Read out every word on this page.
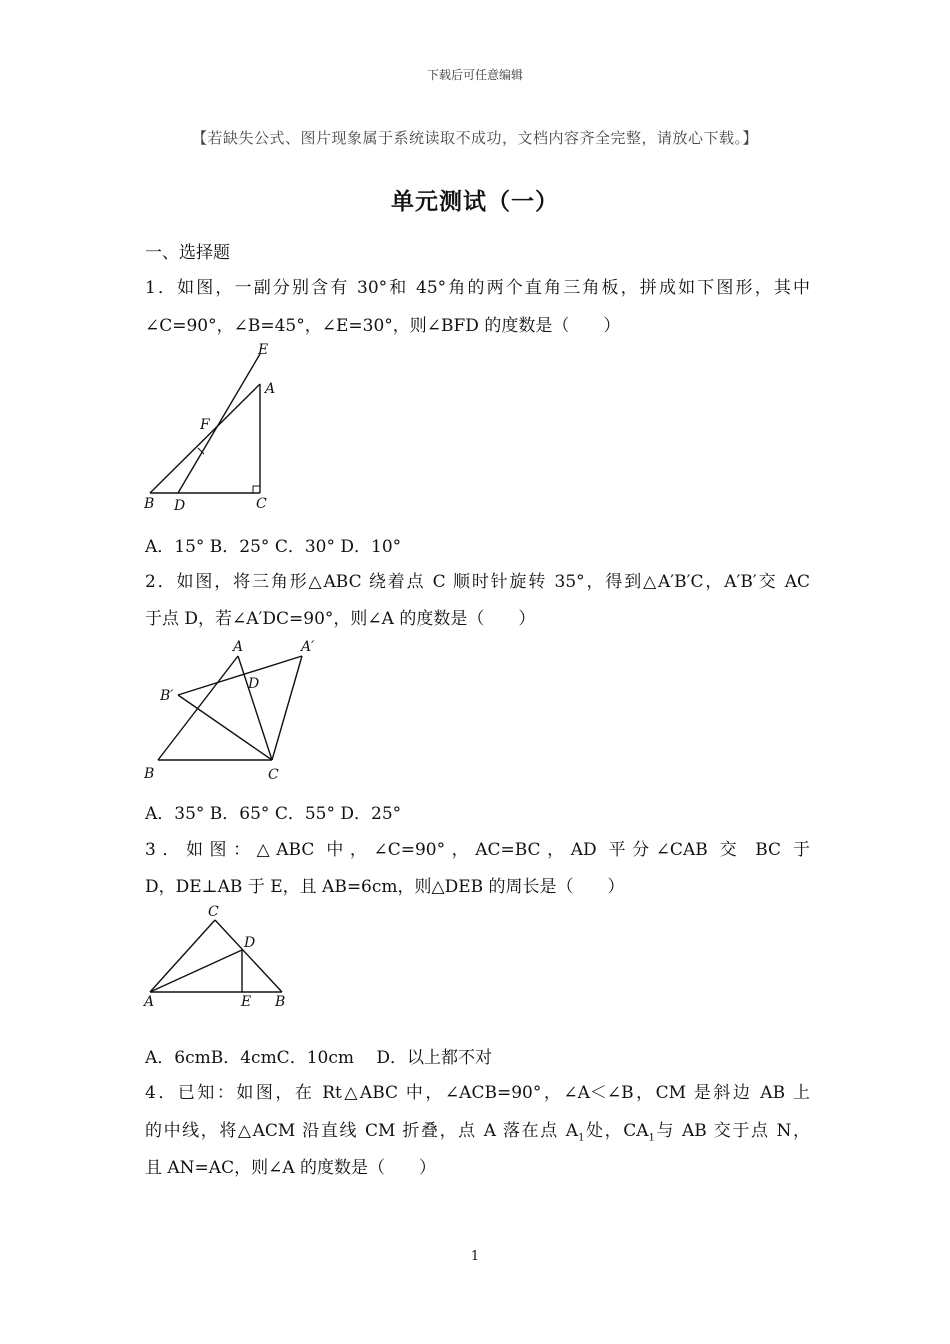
下载后可任意编辑
【若缺失公式、图片现象属于系统读取不成功，文档内容齐全完整，请放心下载。】
单元测试（一）
一、选择题
1．如图，一副分别含有 30°和 45°角的两个直角三角板，拼成如下图形，其中
∠C=90°，∠B=45°，∠E=30°，则∠BFD 的度数是（　　）
E
A
F
B D	C
A．15° B．25° C．30° D．10°
2．如图，将三角形△ABC 绕着点 C 顺时针旋转 35°，得到△A′B′C，A′B′交 AC
于点 D，若∠A′DC=90°，则∠A 的度数是（　　）
A	A′
B′
D
B	C
A．35° B．65° C．55° D．25°
3．如图：△ABC 中，∠C=90°，AC=BC，AD 平分∠CAB 交 BC 于
D，DE⊥AB 于 E，且 AB=6cm，则△DEB 的周长是（　　）
C
D
A	E B
A．6cmB．4cmC．10cm　 D．以上都不对
4．已知：如图，在 Rt△ABC 中，∠ACB=90°，∠A＜∠B，CM 是斜边 AB 上
的中线，将△ACM 沿直线 CM 折叠，点 A 落在点 $A_1$处，$CA_1$与 AB 交于点 N，
且 AN=AC，则∠A 的度数是（　　）
1
